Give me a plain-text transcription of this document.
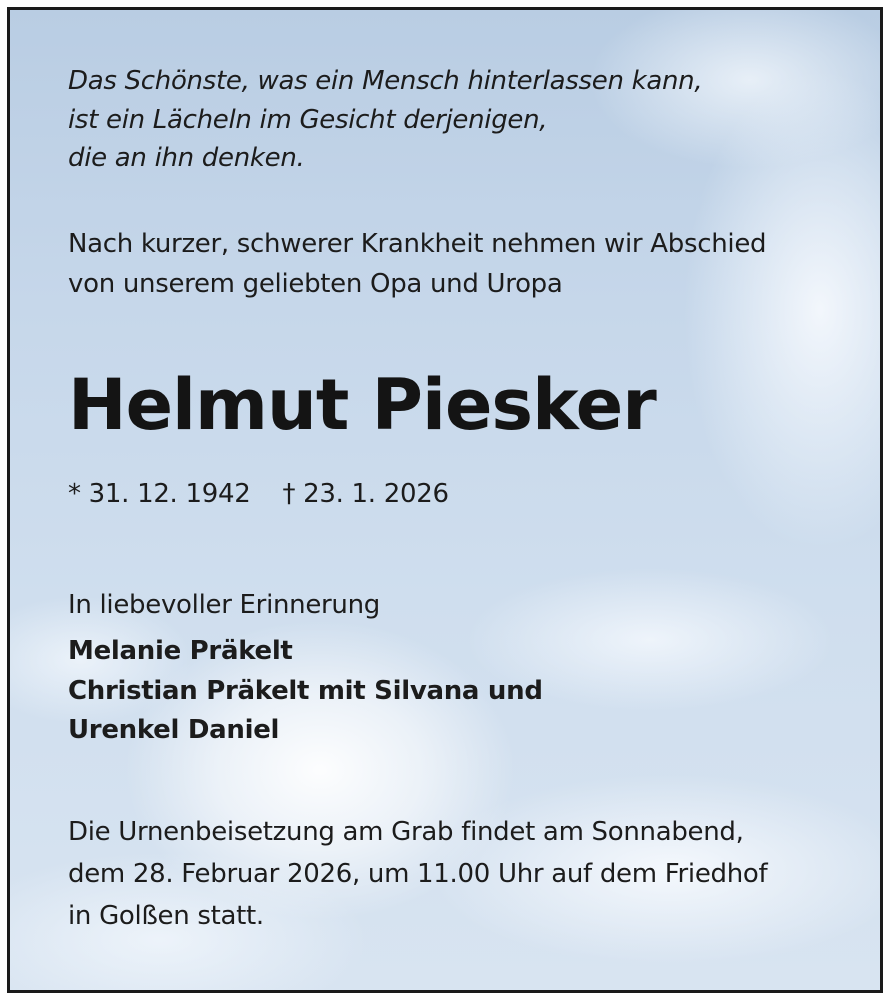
Das Schönste, was ein Mensch hinterlassen kann,
ist ein Lächeln im Gesicht derjenigen,
die an ihn denken.

Nach kurzer, schwerer Krankheit nehmen wir Abschied
von unserem geliebten Opa und Uropa

Helmut Piesker

* 31. 12. 1942 † 23. 1. 2026

In liebevoller Erinnerung

Melanie Präkelt
Christian Präkelt mit Silvana und
Urenkel Daniel

Die Urnenbeisetzung am Grab findet am Sonnabend,
dem 28. Februar 2026, um 11.00 Uhr auf dem Friedhof
in Golßen statt.
